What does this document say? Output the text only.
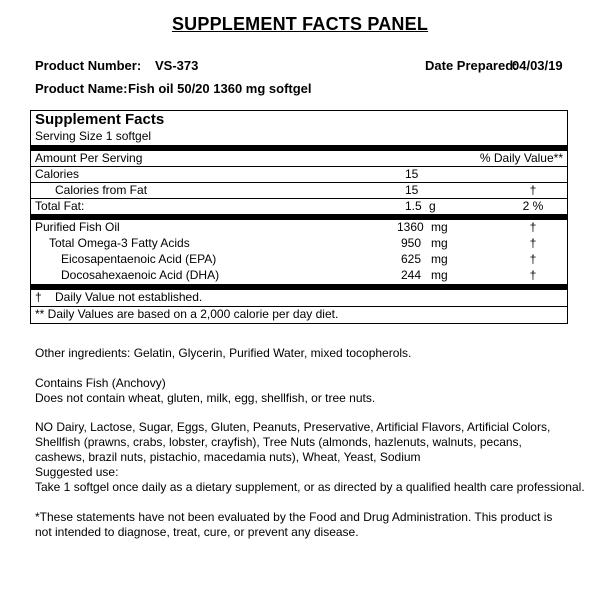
SUPPLEMENT FACTS PANEL
Product Number: VS-373	Date Prepared:
04/03/19
Product Name: Fish oil 50/20 1360 mg softgel
Supplement Facts
Serving Size 1 softgel
Amount Per Serving	% Daily Value**
Calories	15
Calories from Fat	15	†
Total Fat:	1.5 g	2 %
Purified Fish Oil	1360 mg	†
Total Omega-3 Fatty Acids	950 mg	†
Eicosapentaenoic Acid (EPA)	625 mg	†
Docosahexaenoic Acid (DHA)	244 mg	†
†    Daily Value not established.
** Daily Values are based on a 2,000 calorie per day diet.
Other ingredients: Gelatin, Glycerin, Purified Water, mixed tocopherols.
Contains Fish (Anchovy)
Does not contain wheat, gluten, milk, egg, shellfish, or tree nuts.
NO Dairy, Lactose, Sugar, Eggs, Gluten, Peanuts, Preservative, Artificial Flavors, Artificial Colors,
Shellfish (prawns, crabs, lobster, crayfish), Tree Nuts (almonds, hazlenuts, walnuts, pecans,
cashews, brazil nuts, pistachio, macedamia nuts), Wheat, Yeast, Sodium
Suggested use:
Take 1 softgel once daily as a dietary supplement, or as directed by a qualified health care professional.
*These statements have not been evaluated by the Food and Drug Administration. This product is
not intended to diagnose, treat, cure, or prevent any disease.
